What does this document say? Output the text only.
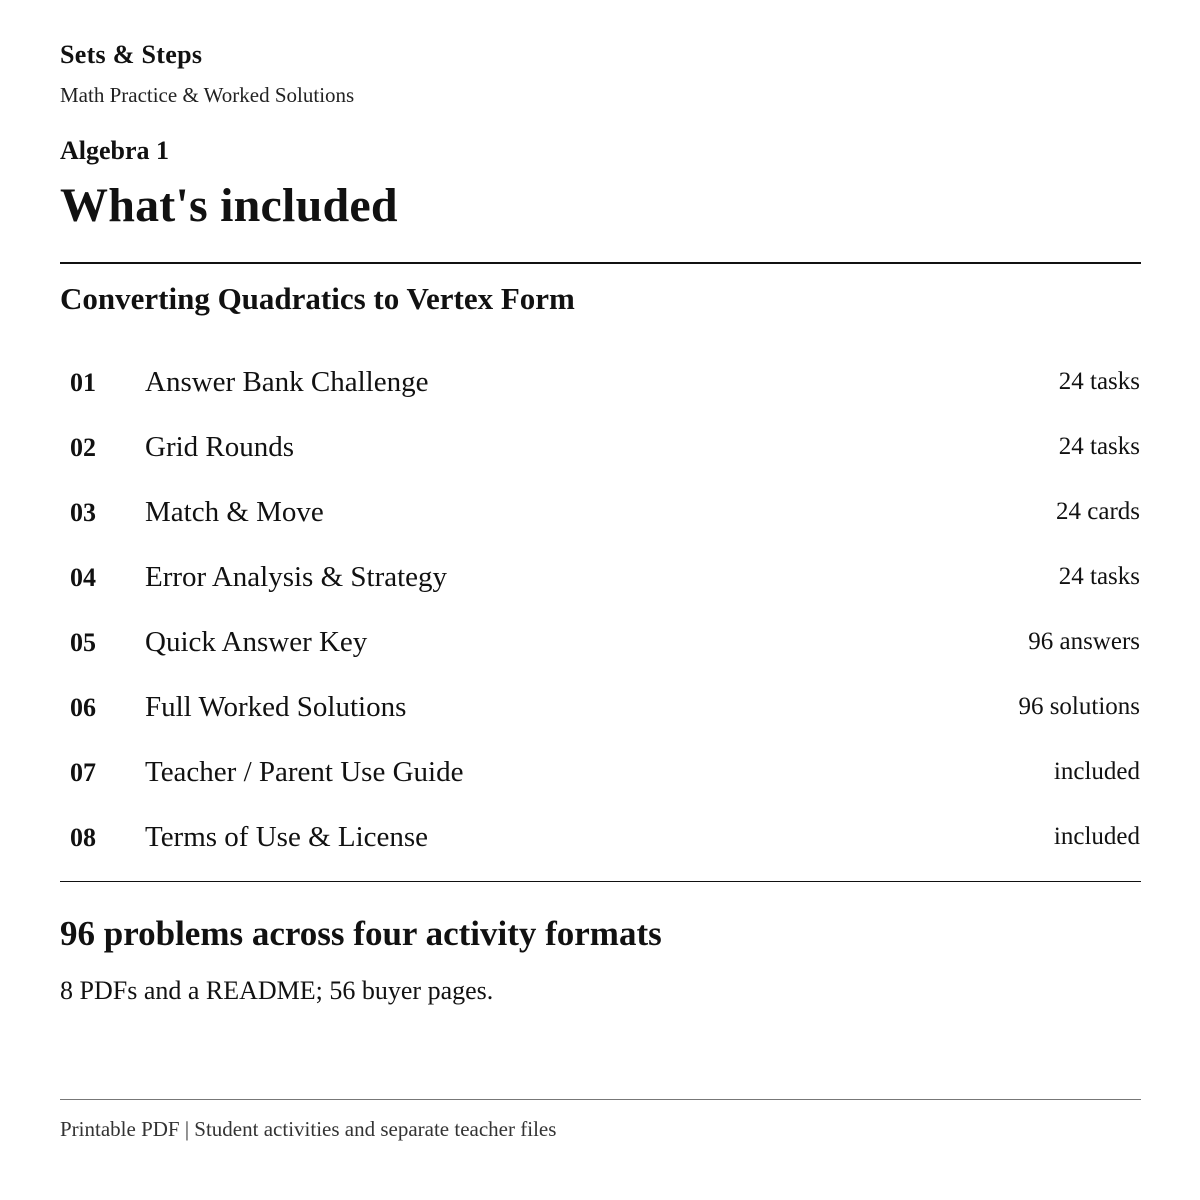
Sets & Steps
Math Practice & Worked Solutions
Algebra 1
What's included
Converting Quadratics to Vertex Form
01 Answer Bank Challenge	24 tasks
02 Grid Rounds	24 tasks
03 Match & Move	24 cards
04 Error Analysis & Strategy	24 tasks
05 Quick Answer Key	96 answers
06 Full Worked Solutions	96 solutions
07 Teacher / Parent Use Guide	included
08 Terms of Use & License	included
96 problems across four activity formats
8 PDFs and a README; 56 buyer pages.
Printable PDF | Student activities and separate teacher files
